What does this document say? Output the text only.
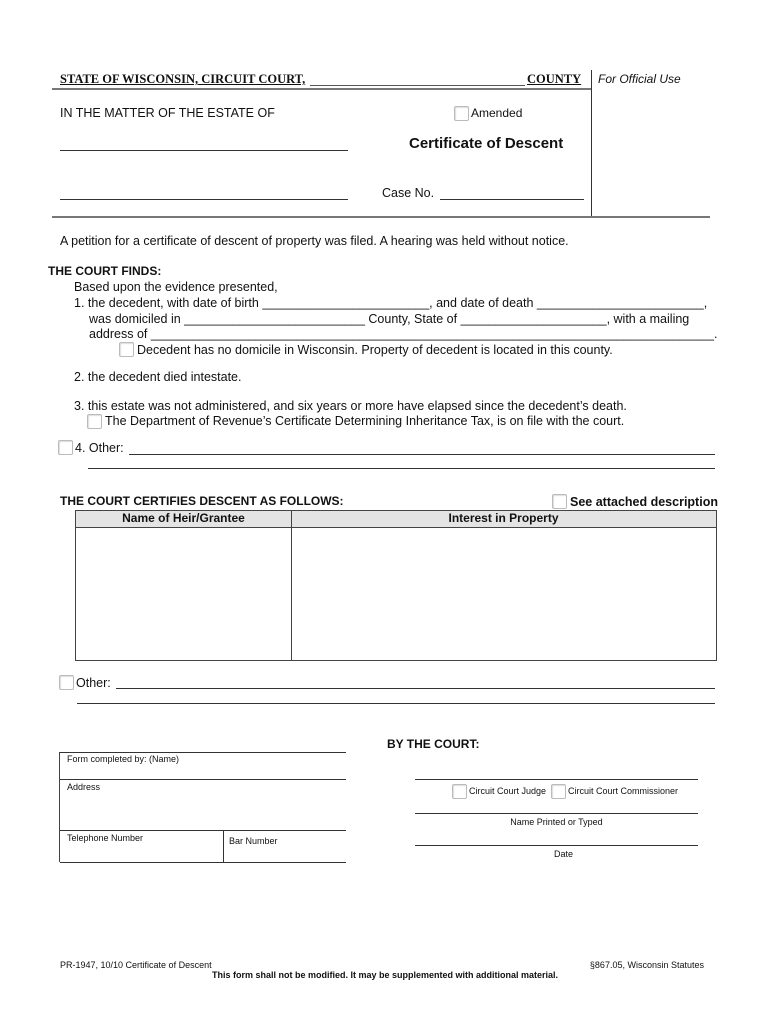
STATE OF WISCONSIN, CIRCUIT COURT,	COUNTY For Official Use
IN THE MATTER OF THE ESTATE OF	Amended
Certificate of Descent
Case No.
A petition for a certificate of descent of property was filed. A hearing was held without notice.
THE COURT FINDS:
Based upon the evidence presented,
1. the decedent, with date of birth ________________________, and date of death ________________________,
was domiciled in __________________________ County, State of _____________________, with a mailing
address of _________________________________________________________________________________.
Decedent has no domicile in Wisconsin. Property of decedent is located in this county.
2. the decedent died intestate.
3. this estate was not administered, and six years or more have elapsed since the decedent’s death.
The Department of Revenue’s Certificate Determining Inheritance Tax, is on file with the court.
4. Other:
THE COURT CERTIFIES DESCENT AS FOLLOWS:	See attached description
Name of Heir/Grantee	Interest in Property
Other:
BY THE COURT:
Circuit Court Judge Circuit Court Commissioner
Name Printed or Typed
Date
Form completed by: (Name)
Address
Telephone Number	Bar Number
PR-1947, 10/10 Certificate of Descent	§867.05, Wisconsin Statutes
This form shall not be modified. It may be supplemented with additional material.
